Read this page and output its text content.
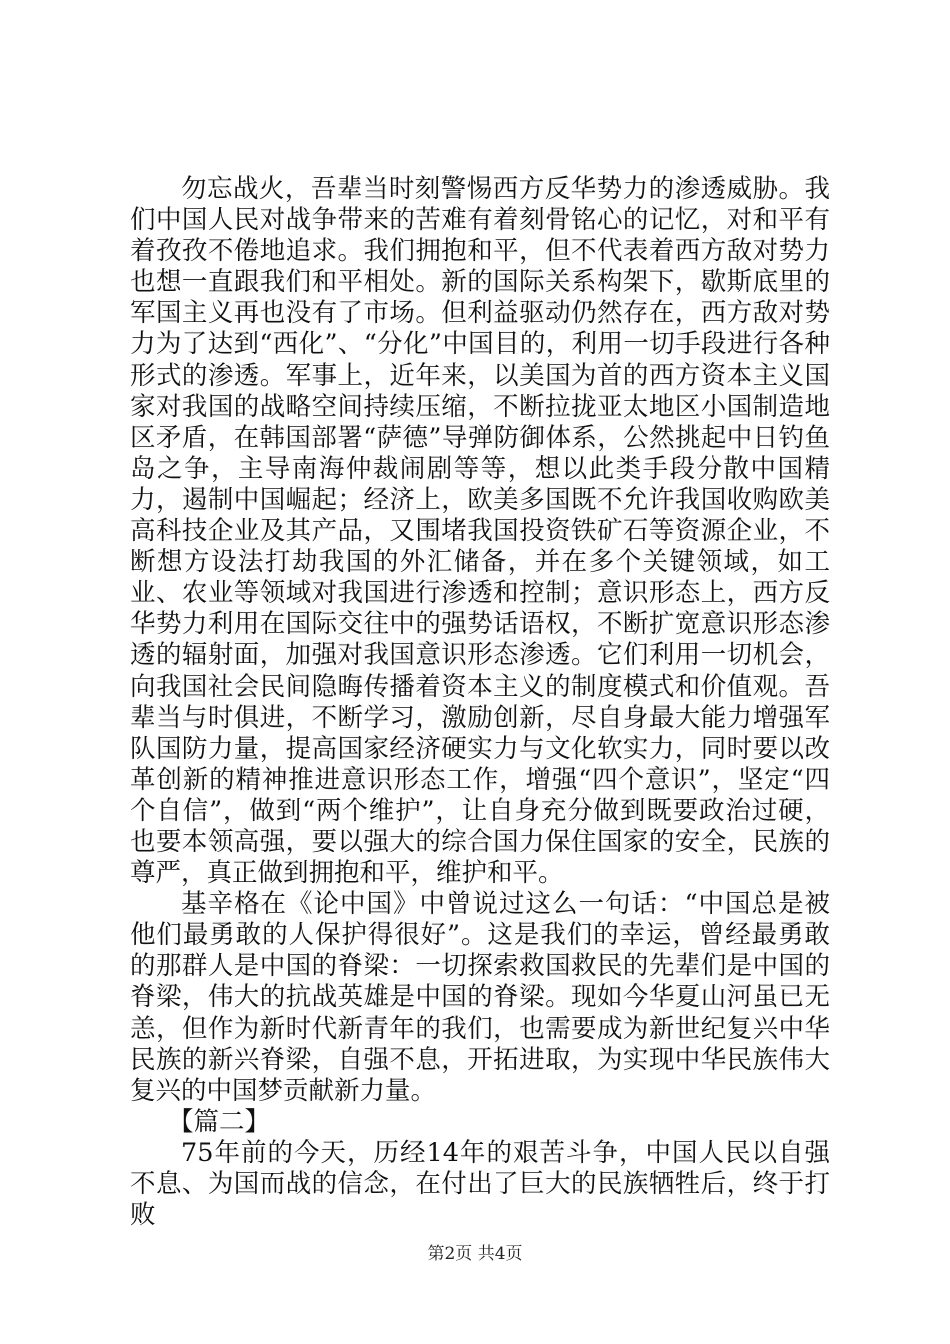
勿忘战火，吾辈当时刻警惕西方反华势力的渗透威胁。我们中国人民对战争带来的苦难有着刻骨铭心的记忆，对和平有着孜孜不倦地追求。我们拥抱和平，但不代表着西方敌对势力也想一直跟我们和平相处。新的国际关系构架下，歇斯底里的军国主义再也没有了市场。但利益驱动仍然存在，西方敌对势力为了达到“西化”、“分化”中国目的，利用一切手段进行各种形式的渗透。军事上，近年来，以美国为首的西方资本主义国家对我国的战略空间持续压缩，不断拉拢亚太地区小国制造地区矛盾，在韩国部署“萨德”导弹防御体系，公然挑起中日钓鱼岛之争，主导南海仲裁闹剧等等，想以此类手段分散中国精力，遏制中国崛起；经济上，欧美多国既不允许我国收购欧美高科技企业及其产品，又围堵我国投资铁矿石等资源企业，不断想方设法打劫我国的外汇储备，并在多个关键领域，如工业、农业等领域对我国进行渗透和控制；意识形态上，西方反华势力利用在国际交往中的强势话语权，不断扩宽意识形态渗透的辐射面，加强对我国意识形态渗透。它们利用一切机会，向我国社会民间隐晦传播着资本主义的制度模式和价值观。吾辈当与时俱进，不断学习，激励创新，尽自身最大能力增强军队国防力量，提高国家经济硬实力与文化软实力，同时要以改革创新的精神推进意识形态工作，增强“四个意识”，坚定“四个自信”，做到“两个维护”，让自身充分做到既要政治过硬，也要本领高强，要以强大的综合国力保住国家的安全，民族的尊严，真正做到拥抱和平，维护和平。

基辛格在《论中国》中曾说过这么一句话：“中国总是被他们最勇敢的人保护得很好”。这是我们的幸运，曾经最勇敢的那群人是中国的脊梁：一切探索救国救民的先辈们是中国的脊梁，伟大的抗战英雄是中国的脊梁。现如今华夏山河虽已无恙，但作为新时代新青年的我们，也需要成为新世纪复兴中华民族的新兴脊梁，自强不息，开拓进取，为实现中华民族伟大复兴的中国梦贡献新力量。

【篇二】

75年前的今天，历经14年的艰苦斗争，中国人民以自强不息、为国而战的信念，在付出了巨大的民族牺牲后，终于打败

第2页 共4页
